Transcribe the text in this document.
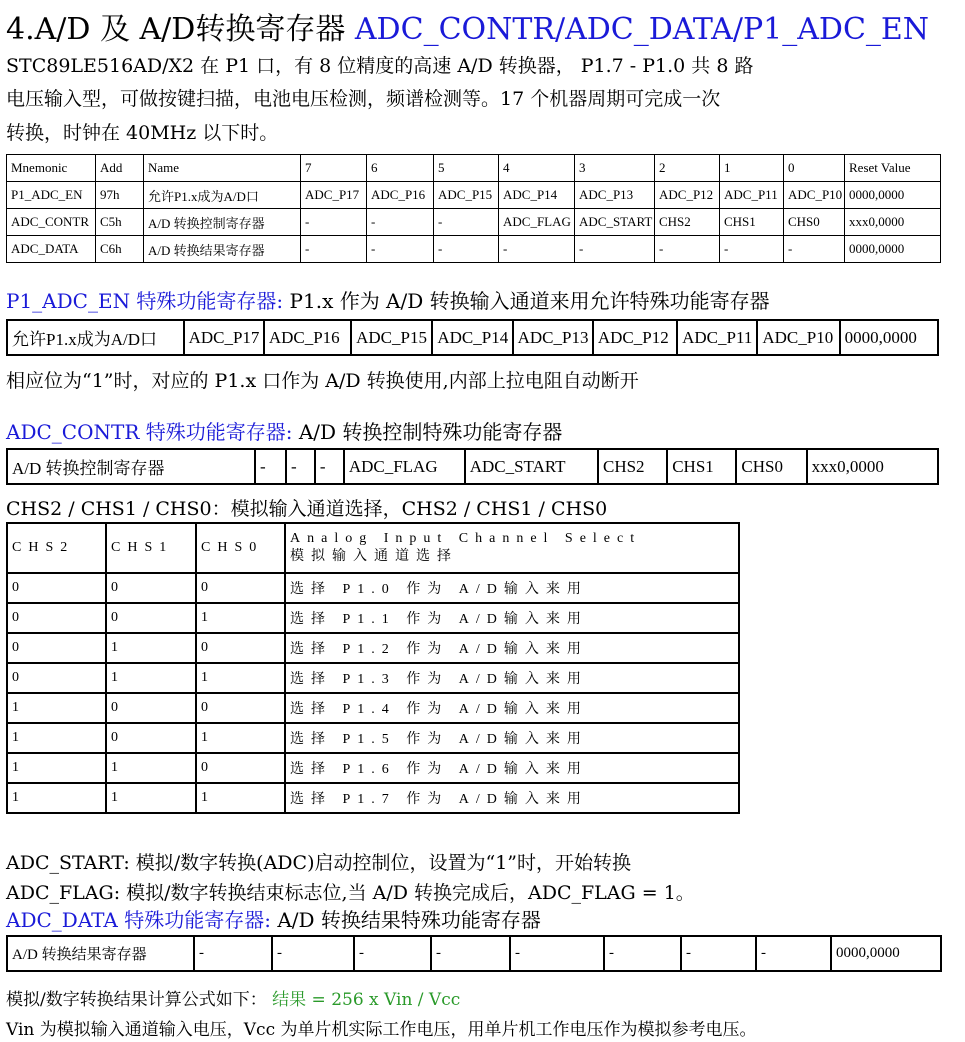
4.A/D 及 A/D转换寄存器 ADC_CONTR/ADC_DATA/P1_ADC_EN
STC89LE516AD/X2 在 P1 口，有 8 位精度的高速 A/D 转换器， P1.7 - P1.0 共 8 路
电压输入型，可做按键扫描，电池电压检测，频谱检测等。17 个机器周期可完成一次
转换，时钟在 40MHz 以下时。
Mnemonic	Add	Name	7	6	5	4	3	2	1	0	Reset Value
P1_ADC_EN	97h	允许P1.x成为A/D口	ADC_P17	ADC_P16	ADC_P15	ADC_P14	ADC_P13	ADC_P12	ADC_P11	ADC_P10	0000,0000
ADC_CONTR	C5h	A/D 转换控制寄存器	-	-	-	ADC_FLAG	ADC_START	CHS2	CHS1	CHS0	xxx0,0000
ADC_DATA	C6h	A/D 转换结果寄存器	-	-	-	-	-	-	-	-	0000,0000
P1_ADC_EN 特殊功能寄存器: P1.x 作为 A/D 转换输入通道来用允许特殊功能寄存器
允许P1.x成为A/D口	ADC_P17	ADC_P16	ADC_P15	ADC_P14	ADC_P13	ADC_P12	ADC_P11	ADC_P10	0000,0000
相应位为“1”时，对应的 P1.x 口作为 A/D 转换使用,内部上拉电阻自动断开
ADC_CONTR 特殊功能寄存器: A/D 转换控制特殊功能寄存器
A/D 转换控制寄存器	-	-	-	ADC_FLAG	ADC_START	CHS2	CHS1	CHS0	xxx0,0000
CHS2 / CHS1 / CHS0：模拟输入通道选择，CHS2 / CHS1 / CHS0
CHS2	CHS1	CHS0	Analog Input Channel Select
模拟输入通道选择

0	0	0	选择 P1.0 作为 A/D输入来用
0	0	1	选择 P1.1 作为 A/D输入来用
0	1	0	选择 P1.2 作为 A/D输入来用
0	1	1	选择 P1.3 作为 A/D输入来用
1	0	0	选择 P1.4 作为 A/D输入来用
1	0	1	选择 P1.5 作为 A/D输入来用
1	1	0	选择 P1.6 作为 A/D输入来用
1	1	1	选择 P1.7 作为 A/D输入来用
ADC_START: 模拟/数字转换(ADC)启动控制位，设置为“1”时，开始转换
ADC_FLAG: 模拟/数字转换结束标志位,当 A/D 转换完成后，ADC_FLAG = 1。
ADC_DATA 特殊功能寄存器: A/D 转换结果特殊功能寄存器
A/D 转换结果寄存器	-	-	-	-	-	-	-	-	0000,0000
模拟/数字转换结果计算公式如下： 结果 = 256 x Vin / Vcc
Vin 为模拟输入通道输入电压，Vcc 为单片机实际工作电压，用单片机工作电压作为模拟参考电压。
